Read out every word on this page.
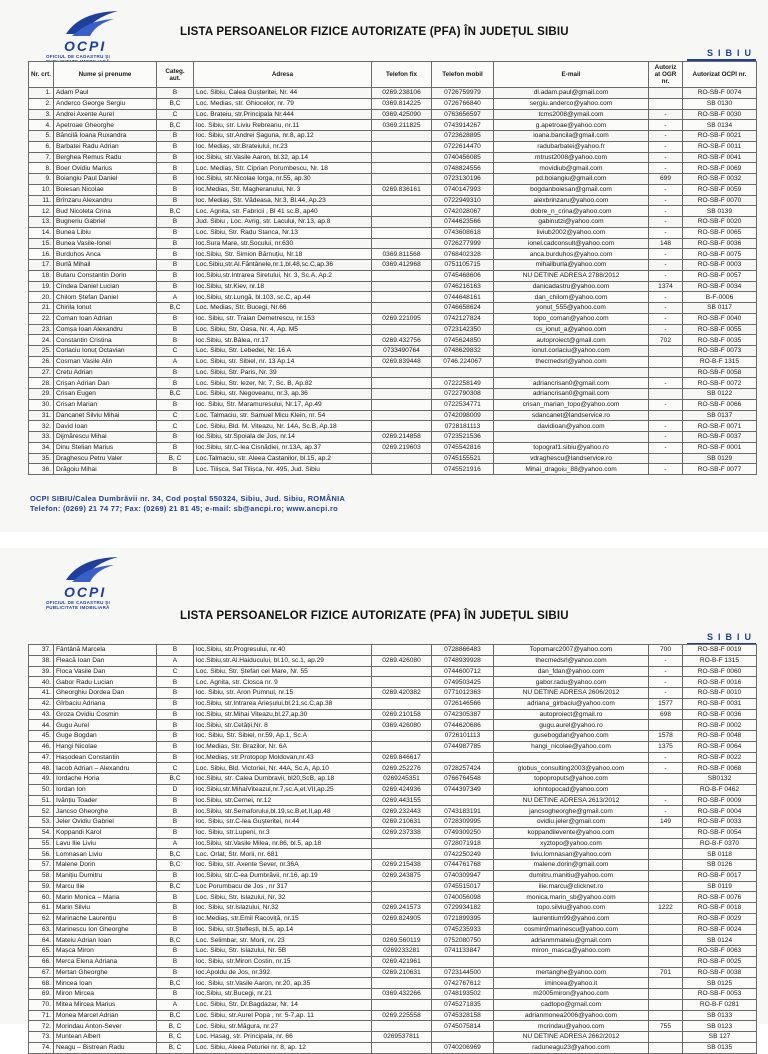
OCPI
OFICIUL DE CADASTRU ȘI
LISTA PERSOANELOR FIZICE AUTORIZATE (PFA) ÎN JUDEȚUL SIBIU
SIBIU
Nr. crt.	Nume și prenume	Categ. aut.	Adresa	Telefon fix	Telefon mobil	E-mail	Autoriz at OGR nr.	Autorizat OCPI nr.
1.	Adam Paul	B	Loc. Sibiu, Calea Gușteritei, Nr. 44	0269.238106	0726759979	dl.adam.paul@gmail.com		RO-SB-F 0074
2.	Anderco George Sergiu	B,C	Loc. Medias, str. Ghiocelor, nr. 79	0369.814225	0726766840	sergiu.anderco@yahoo.com		SB 0130
3.	Andrei Axente Aurel	C	Loc. Brateiu, str.Principala Nr.444	0369.425090	0763656597	tcms2008@ymail.com	-	RO-SB-F 0030
4.	Apetroae Gheorghe	B,C	loc. Sibiu, str. Liviu Rebreanu, nr.11	0369.211825	0743914267	g.apetroae@yahoo.com	-	SB 0134
5.	Băncilă Ioana Ruxandra	B	loc. Sibiu, str.Andrei Șaguna, nr.8, ap.12		0723628895	ioana.bancila@gmail.com	-	RO-SB-F 0021
6.	Barbatei Radu Adrian	B	loc. Mediaș, str.Brateiului, nr.23		0722614470	radubarbatei@yahoo.fr	-	RO-SB-F 0011
7.	Berghea Remus Radu	B	loc.Sibiu, str.Vasile Aaron, bl.32, ap.14		0740456085	mtrust2008@yahoo.com	-	RO-SB-F 0041
8.	Boer Ovidiu Marius	B	Loc. Mediaș, Str. Ciprian Porumbescu, Nr. 18		0748824556	movidiub@gmail.com	-	RO-SB-F 0069
9.	Boiangiu Paul Daniel	B	loc.Sibiu, str.Nicolae Iorga, nr.55, ap.30		0723130196	pd.boiangiu@gmail.com	699	RO-SB-F 0032
10.	Boiesan Nicolae	B	loc.Medias, Str. Magheranului, Nr. 3	0269.836161	0740147993	bogdanboiesan@gmail.com	-	RO-SB-F 0059
11.	Brînzaru Alexandru	B	loc. Mediaș, Str. Vădeasa, Nr.3, Bl.44, Ap.23		0722949310	alexbrinzaru@yahoo.com	-	RO-SB-F 0070
12.	Bud Nicoleta Crina	B,C	Loc. Agnita, str. Fabricii , Bl 41 sc.B, ap40		0742028067	dobre_n_crina@yahoo.com	-	SB 0139
13.	Bugneriu Gabriel	B	Jud. Sibiu , Loc. Avrig, str. Lacului, Nr.13, ap.8		0744623566	gabinutzi@yahoo.com	-	RO-SB-F 0020
14.	Bunea Libiu	B	Loc. Sibiu, Str. Radu Stanca, Nr.13		0743608618	liviub2002@yahoo.com	-	RO-SB-F 0065
15.	Bunea Vasile-Ionel	B	loc.Sura Mare, str.Socului, nr.630		0726277999	ionel.cadconsult@yahoo.com	148	RO-SB-F 0036
16.	Burduhos Anca	B	loc.Sibiu, Str. Simion Bărnuțiu, Nr.18	0369.811568	0768402328	anca.burduhos@yahoo.com	-	RO-SB-F 0075
17.	Burlă Mihail	B	Loc.Sibiu,str.Al.Făntânele,nr.1,bl.48,sc.C,ap.36	0369.412968	0751105715	mihailburla@yahoo.com	-	RO-SB-F 0003
18.	Butaru Constantin Dorin	B	loc.Sibiu,str.Intrarea Siretului, Nr. 3, Sc.A, Ap.2		0745468606	NU DETINE ADRESA 2788/2012	-	RO-SB-F 0057
19.	Cîndea Daniel Lucian	B	loc.Sibiu, str.Kiev, nr.18		0746216163	danicadastru@yahoo.com	1374	RO-SB-F 0034
20.	Chilom Ștefan Daniel	A	loc.Sibiu, str.Lungă, bl.103, sc.C, ap.44		0744648161	dan_chilom@yahoo.com	-	B-F-0006
21.	Chirila Ionut	B,C	Loc. Medias, Str. Bucegi, Nr.66		0746658624	yonut_555@yahoo.com	-	SB 0117
22.	Coman Ioan Adrian	B	loc. Sibiu, str. Traian Demetrescu, nr.153	0269.221095	0742127824	topo_coman@yahoo.com	-	RO-SB-F 0040
23.	Comșa Ioan Alexandru	B	Loc. Sibiu, Str. Oasa, Nr. 4, Ap. M5		0723142350	cs_ionut_a@yahoo.com	-	RO-SB-F 0055
24.	Constantin Cristina	B	loc.Sibiu, str.Bâlea, nr.17	0269.432756	0745624850	autoproiect@gmail.com	702	RO-SB-F 0035
25.	Corlaciu Ionuț Octavian	C	Loc. Sibiu, Str. Lebedei, Nr. 16 A	0733490764	0748629832	ionut.corlaciu@yahoo.com		RO-SB-F 0073
26.	Cosman Vasile Alin	A	Loc. Sibiu, str. Sibiel, nr. 13 Ap.14	0269.839448	0746.224067	thecmedsrl@yahoo.com		RO-B-F 1315
27.	Cretu Adrian	B	Loc. Sibiu, Str. Paris, Nr. 39					RO-SB-F 0058
28.	Crișan Adrian Dan	B	Loc. Sibiu, Str. Iezer, Nr. 7, Sc. B, Ap.82		0722258149	adriancrisan0@gmail.com	-	RO-SB-F 0072
29.	Crisan Eugen	B,C	Loc. Sibiu, str. Negoveanu, nr.3, ap.36		0722790308	adriancrisan0@gmail.com		SB 0122
30.	Crisan Marian	B	loc. Sibiu, Str. Maramuresului, Nr.17, Ap.49		0722534771	crisan_marian_topo@yahoo.com	-	RO-SB-F 0066
31.	Dancanet Silviu Mihai	C	Loc. Talmaciu, str. Samuel Micu Klein, nr. 54		0742098009	sdancanet@landservice.ro		SB 0137
32.	David Ioan	C	Loc. Sibiu, Bld. M. Viteazu, Nr. 14A, Sc.B, Ap.18		0728181113	davidioan@yahoo.com	-	RO-SB-F 0071
33.	Dijmărescu Mihai	B	loc.Sibiu, str.Spoiala de Jos, nr.14	0269.214858	0723521536		-	RO-SB-F 0037
34.	Dinu Stelian Marius	B	loc.Sibiu, str.C-lea Cisnădiei, nr.13A, ap.37	0269.219603	0745542816	topograf1.sibiu@yahoo.ro	-	RO-SB-F 0001
35.	Draghescu Petru Valer	B, C	Loc.Talmaciu, str. Aleea Castanilor, bl.15, ap.2		0745155521	vdraghescu@landservice.ro		SB 0129
36.	Drăgoiu Mihai	B	Loc. Tilișca, Sat Tilișca, Nr. 495, Jud. Sibiu		0745521916	Mihai_dragoiu_88@yahoo.com	-	RO-SB-F 0077
OCPI SIBIU/Calea Dumbrăvii nr. 34, Cod poștal 550324, Sibiu, Jud. Sibiu, ROMÂNIA
Telefon: (0269) 21 74 77; Fax: (0269) 21 81 45; e-mail: sb@ancpi.ro; www.ancpi.ro
OCPI
OFICIUL DE CADASTRU ȘI PUBLICITATE IMOBILIARĂ
LISTA PERSOANELOR FIZICE AUTORIZATE (PFA) ÎN JUDEȚUL SIBIU
SIBIU
37.	Fântână Marcela	B	loc.Sibiu, str.Progresului, nr.40		0728866483	Topomarc2007@yahoo.com	700	RO-SB-F 0019
38.	Fleacă Ioan Dan	A	loc.Sibiu,str.Al.Haiducului, bl.10, sc.1, ap.29	0269.426080	0748939928	thecmedsrl@yahoo.com	-	RO-B-F 1315
39.	Floca Vasile Dan	C	Loc. Sibiu, Str. Ștefan cel Mare, Nr. 55		0744600712	dan_fdan@yahoo.com	-	RO-SB-F 0060
40.	Gabor Radu Lucian	B	Loc. Agnita, str. Closca nr. 9		0749503425	gabor.radu@yahoo.com	-	RO-SB-F 0016
41.	Gheorghiu Dordea Dan	B	loc. Sibiu, str. Aron Pumnul, nr.15	0269.420382	0771012363	NU DETINE ADRESA 2606/2012	-	RO-SB-F 0010
42.	Gîrbaciu Adriana	B	loc.Sibiu, str.Intrarea Arieșului,bl.21,sc.C,ap.38		0726146566	adriana_girbaciu@yahoo.com	1577	RO-SB-F 0031
43.	Groza Ovidiu Cosmin	B	loc.Sibiu, str.Mihai Viteazu,bl.27,ap.30	0269.210158	0742305387	autoproiect@gmail.ro	698	RO-SB-F 0036
44.	Gugu Aurel	B	loc.Sibiu, str.Cetății,Nr. 8	0369.426080	0744620686	gugu.aurel@yahoo.ro		RO-SB-F 0002
45.	Guge Bogdan	B	loc. Sibiu, Str. Sibiel, nr.59, Ap.1, Sc.A		0726101113	gusebogdan@yahoo.com	1578	RO-SB-F 0048
46.	Hangi Nicolae	B	loc.Medias, Str. Brazilor, Nr. 6A		0744987785	hangi_nicolae@yahoo.com	1375	RO-SB-F 0064
47.	Hașodean Constantin	B	loc.Mediaș, str.Protopop Moldovan,nr.43	0269.846617			-	RO-SB-F 0022
48.	Iacob Adrian – Alexandru	C	Loc. Sibiu, Bld. Victoriei, Nr. 44A, Sc.A, Ap.10	0269.252276	0728257424	globus_consulting2003@yahoo.com	-	RO-SB-F 0068
49.	Iordache Horia	B,C	loc.Sibiu, str. Calea Dumbravii, bl20,ScB, ap.18	0269245351	0766764548	topoproputs@yahoo.com		SB0132
50.	Iordan Ion	D	loc.Sibiu,str.MihaiViteazul,nr.7,sc.A,et.VII,ap.25	0269.424936	0744397349	iohntopocad@yahoo.com		RO-B-F 0462
51.	Ivănțiu Toader	B	loc.Sibiu, str.Cernei, nr.12	0269.443155		NU DETINE ADRESA 2613/2012	-	RO-SB-F 0009
52.	Jancso Gheorghe	B	loc.Sibiu, str.Semaforului,bl.19,sc.B,et.II,ap.48	0269.232443	0743183191	jancsogheorghe@gmail.com	-	RO-SB-F 0004
53.	Jeler Ovidiu Gabriel	B	loc. Sibiu, str.C-lea Gușteritei, nr.44	0269.210631	0728309995	ovidiu.jeler@gmail.com	149	RO-SB-F 0033
54.	Koppandi Karol	B	loc. Sibiu, str.Lupeni, nr.3	0269.237338	0749309250	koppandilevente@yahoo.com		RO-SB-F 0054
55.	Lavu Ilie Liviu	A	loc.Sibiu, str.Vasile Milea, nr.86, bl.5, ap.18		0728071918	xyztopo@yahoo.com		RO-B-F 0370
56.	Lomnasan Liviu	B,C	Loc. Orlat, Str. Morii, nr. 681		0742250249	liviu.lomnasan@yahoo.com		SB 0118
57.	Malene Dorin	B,C	loc. Sibiu, str. Axente Sever, nr.36A	0269.215438	0744761768	malene.dorin@gmail.com		SB 0126
58.	Manițiu Dumitru	B	loc.Sibiu, str.C-ea Dumbrăvii, nr.16, ap.19	0269.243875	0740309947	dumitru.manitiu@yahoo.com		RO-SB-F 0017
59.	Marcu Ilie	B,C	Loc Porumbacu de Jos , nr 317		0745515017	ilie.marcu@clicknet.ro		SB 0119
60.	Marin Monica – Maria	B	Loc. Sibiu, Str. Islazului, Nr. 32		0740056098	monica.marin_sb@yahoo.com		RO-SB-F 0076
61.	Marin Silviu	B	loc. Sibiu, str.Islazului, Nr.32	0269.241573	0729934182	topo.silviu@yahoo.com	1222	RO-SB-F 0018
62.	Marinache Laurențiu	B	loc.Mediaș, str.Emil Racoviță, nr.15	0269.824905	0721899395	laurentium99@yahoo.com		RO-SB-F 0029
63.	Marinescu Ion Gheorghe	B	loc. Sibiu, str.Șteflești, bl.5, ap.14		0745235933	cosmin9marinescu@yahoo.com		RO-SB-F 0024
64.	Mateiu Adrian Ioan	B,C	Loc. Selimbar, str. Morii, nr. 23	0269.560119	0752080750	adrianmmateiu@gmail.com		SB 0124
65.	Mașca Miron	B	Loc. Sibiu, Str. Islazului, Nr. 5B	0269233281	0741133847	miron_masca@yahoo.com		RO-SB-F 0063
66.	Merca Elena Adriana	B	loc. Sibiu, str.Miron Costin, nr.15	0269.421961				RO-SB-F 0025
67.	Mertan Gheorghe	B	loc.Apoldu de Jos, nr.392	0269.210631	0723144500	mertanghe@yahoo.com	701	RO-SB-F 0038
68.	Mincea Ioan	B,C	loc. Sibiu, str.Vasile Aaron, nr.20, ap.35		0742767612	iminceа@yahoo.it		SB 0125
69.	Miron Mircea	B	loc.Sibiu, str.Bucegi, nr.21	0369.432266	0748193502	m2005miron@yahoo.com		RO-SB-F 0053
70.	Mitea Mircea Marius	A	Loc. Sibiu, Str. Dr.Bagdazar, Nr. 14		0745271835	cadtopo@gmail.com		RO-B-F 0281
71.	Monea Marcel Adrian	B,C	Loc. Sibiu, str.Aurel Popa , nr. 5-7,ap. 11	0269.225558	0745328158	adrianmonea2006@yahoo.com		SB 0133
72.	Morindau Anton-Sever	B, C	Loc. Sibiu, str.Măgura, nr.27		0745075814	mcrindau@yahoo.com	755	SB 0123
73.	Muntean Albert	B, C	Loc. Hasag, str. Principala, nr. 66	0269537811		NU DETINE ADRESA 2662/2012		SB 127
74.	Neagu – Bistrean Radu	B, C	Loc. Sibiu, Aleea Peturiei nr. 8, ap. 12		0740206969	raduneagu23@yahoo.com		SB 0135
